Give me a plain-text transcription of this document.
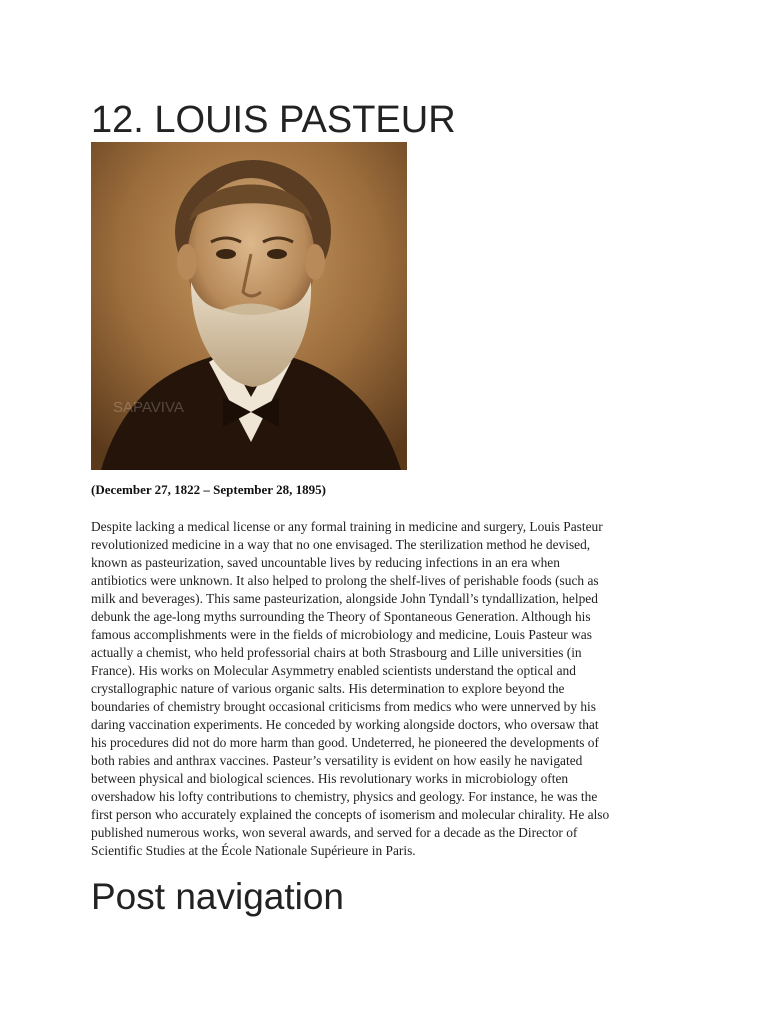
12. LOUIS PASTEUR
SAPAVIVA

(December 27, 1822 – September 28, 1895)

Despite lacking a medical license or any formal training in medicine and surgery, Louis Pasteur
revolutionized medicine in a way that no one envisaged. The sterilization method he devised,
known as pasteurization, saved uncountable lives by reducing infections in an era when
antibiotics were unknown. It also helped to prolong the shelf-lives of perishable foods (such as
milk and beverages). This same pasteurization, alongside John Tyndall’s tyndallization, helped
debunk the age-long myths surrounding the Theory of Spontaneous Generation. Although his
famous accomplishments were in the fields of microbiology and medicine, Louis Pasteur was
actually a chemist, who held professorial chairs at both Strasbourg and Lille universities (in
France). His works on Molecular Asymmetry enabled scientists understand the optical and
crystallographic nature of various organic salts. His determination to explore beyond the
boundaries of chemistry brought occasional criticisms from medics who were unnerved by his
daring vaccination experiments. He conceded by working alongside doctors, who oversaw that
his procedures did not do more harm than good. Undeterred, he pioneered the developments of
both rabies and anthrax vaccines. Pasteur’s versatility is evident on how easily he navigated
between physical and biological sciences. His revolutionary works in microbiology often
overshadow his lofty contributions to chemistry, physics and geology. For instance, he was the
first person who accurately explained the concepts of isomerism and molecular chirality. He also
published numerous works, won several awards, and served for a decade as the Director of
Scientific Studies at the École Nationale Supérieure in Paris.
Post navigation
